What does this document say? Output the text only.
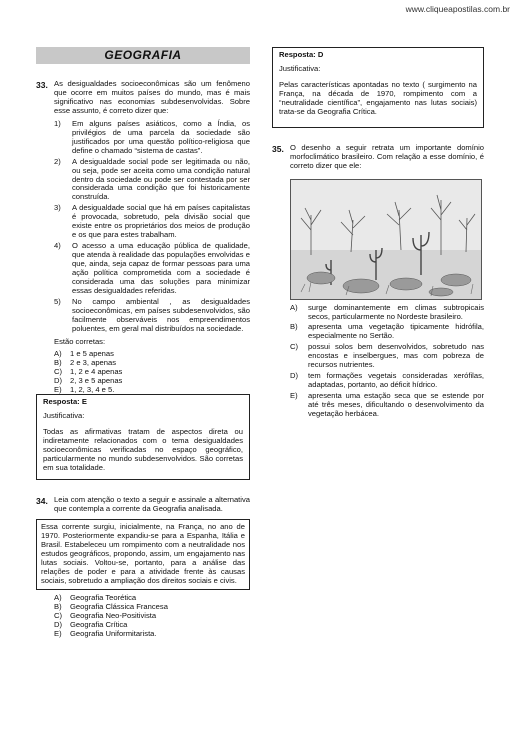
www.cliqueapostilas.com.br
GEOGRAFIA
33. As desigualdades socioeconômicas são um fenômeno que ocorre em muitos países do mundo, mas é mais significativo nas economias subdesenvolvidas. Sobre esse assunto, é correto dizer que:
1)	Em alguns países asiáticos, como a Índia, os privilégios de uma parcela da sociedade são justificados por uma questão político-religiosa que define o chamado “sistema de castas”.
2)	A desigualdade social pode ser legitimada ou não, ou seja, pode ser aceita como uma condição natural dentro da sociedade ou pode ser contestada por ser considerada uma condição que foi historicamente construída.
3)	A desigualdade social que há em países capitalistas é provocada, sobretudo, pela divisão social que existe entre os proprietários dos meios de produção e os que para estes trabalham.
4)	O acesso a uma educação pública de qualidade, que atenda à realidade das populações envolvidas e que, ainda, seja capaz de formar pessoas para uma ação política comprometida com a sociedade é considerada uma das soluções para minimizar essas desigualdades referidas.
5)	No campo ambiental , as desigualdades socioeconômicas, em países subdesenvolvidos, são facilmente observáveis nos empreendimentos poluentes, em geral mal distribuídos na sociedade.
Estão corretas:
A)	1 e 5 apenas
B)	2 e 3, apenas
C)	1, 2 e 4 apenas
D)	2, 3 e 5 apenas
E)	1, 2, 3, 4 e 5.
Resposta: E
Justificativa:
Todas as afirmativas tratam de aspectos direta ou indiretamente relacionados com o tema desigualdades socioeconômicas verificadas no espaço geográfico, particularmente no mundo subdesenvolvidos. São corretas em sua totalidade.
34. Leia com atenção o texto a seguir e assinale a alternativa que contempla a corrente da Geografia analisada.
Essa corrente surgiu, inicialmente, na França, no ano de 1970. Posteriormente expandiu-se para a Espanha, Itália e Brasil. Estabeleceu um rompimento com a neutralidade nos estudos geográficos, propondo, assim, um engajamento nas lutas sociais. Voltou-se, portanto, para a análise das relações de poder e para a atividade frente às causas sociais, sobretudo a ampliação dos direitos sociais e civis.
A)	Geografia Teorética
B)	Geografia Clássica Francesa
C)	Geografia Neo-Positivista
D)	Geografia Crítica
E)	Geografia Uniformitarista.
Resposta: D
Justificativa:
Pelas características apontadas no texto ( surgimento na França, na década de 1970, rompimento com a “neutralidade científica”, engajamento nas lutas sociais) trata-se da Geografia Crítica.
35. O desenho a seguir retrata um importante domínio morfoclimático brasileiro. Com relação a esse domínio, é correto dizer que ele:
A)	surge dominantemente em climas subtropicais secos, particularmente no Nordeste brasileiro.
B)	apresenta uma vegetação tipicamente hidrófila, especialmente no Sertão.
C)	possui solos bem desenvolvidos, sobretudo nas encostas e inselbergues, mas com pobreza de recursos nutrientes.
D)	tem formações vegetais consideradas xerófilas, adaptadas, portanto, ao déficit hídrico.
E)	apresenta uma estação seca que se estende por até três meses, dificultando o desenvolvimento da vegetação herbácea.
